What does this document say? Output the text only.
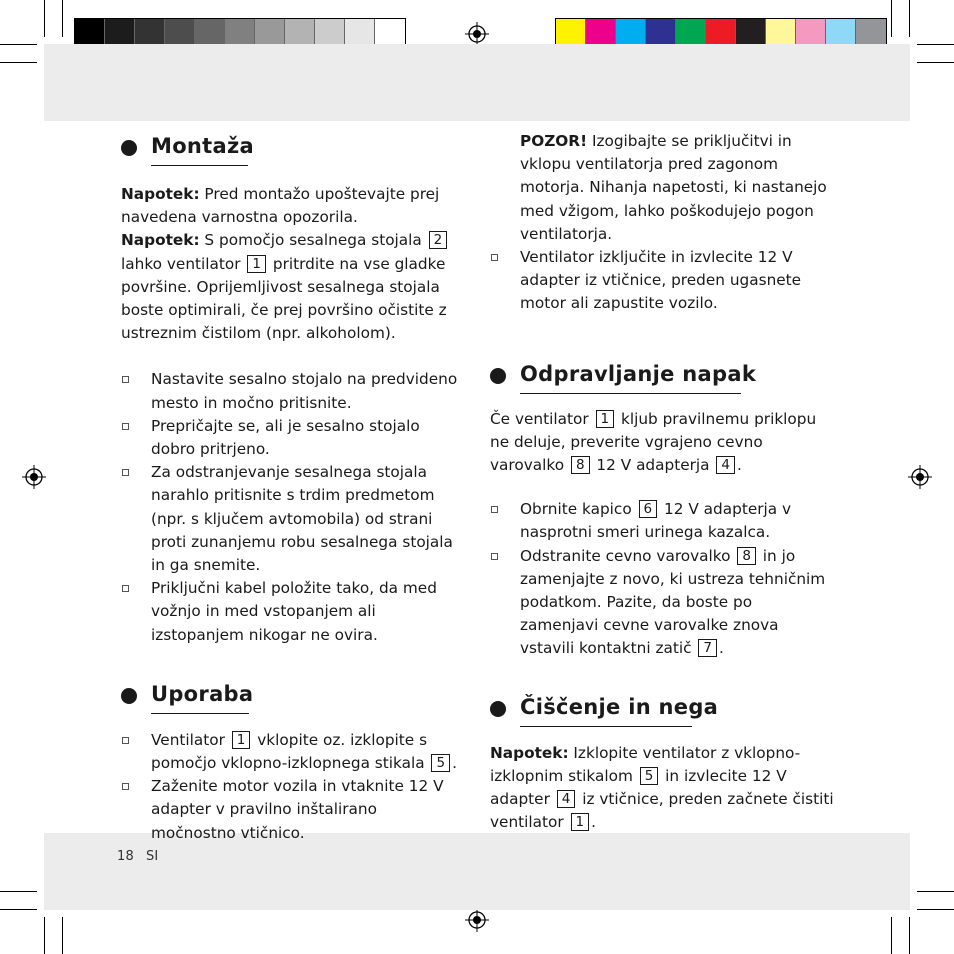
18 SI
Montaža

Napotek: Pred montažo upoštevajte prej navedena varnostna opozorila.

Napotek: S pomočjo sesalnega stojala 2 lahko ventilator 1 pritrdite na vse gladke površine. Oprijemljivost sesalnega stojala boste optimirali, če prej površino očistite z ustreznim čistilom (npr. alkoholom).

Nastavite sesalno stojalo na predvideno mesto in močno pritisnite.
Prepričajte se, ali je sesalno stojalo dobro pritrjeno.
Za odstranjevanje sesalnega stojala narahlo pritisnite s trdim predmetom (npr. s ključem avtomobila) od strani proti zunanjemu robu sesalnega stojala in ga snemite.
Priključni kabel položite tako, da med vožnjo in med vstopanjem ali izstopanjem nikogar ne ovira.
Uporaba
Ventilator 1 vklopite oz. izklopite s pomočjo vklopno-izklopnega stikala 5 .
Zaženite motor vozila in vtaknite 12 V adapter v pravilno inštalirano močnostno vtičnico.

POZOR! Izogibajte se priključitvi in vklopu ventilatorja pred zagonom motorja. Nihanja napetosti, ki nastanejo med vžigom, lahko poškodujejo pogon ventilatorja.

Ventilator izključite in izvlecite 12 V adapter iz vtičnice, preden ugasnete motor ali zapustite vozilo.
Odpravljanje napak

Če ventilator 1 kljub pravilnemu priklopu ne deluje, preverite vgrajeno cevno varovalko 8 12 V adapterja 4 .

Obrnite kapico 6 12 V adapterja v nasprotni smeri urinega kazalca.
Odstranite cevno varovalko 8 in jo zamenjajte z novo, ki ustreza tehničnim podatkom. Pazite, da boste po zamenjavi cevne varovalke znova vstavili kontaktni zatič 7 .
Čiščenje in nega

Napotek: Izklopite ventilator z vklopno-izklopnim stikalom 5 in izvlecite 12 V adapter 4 iz vtičnice, preden začnete čistiti ventilator 1 .
